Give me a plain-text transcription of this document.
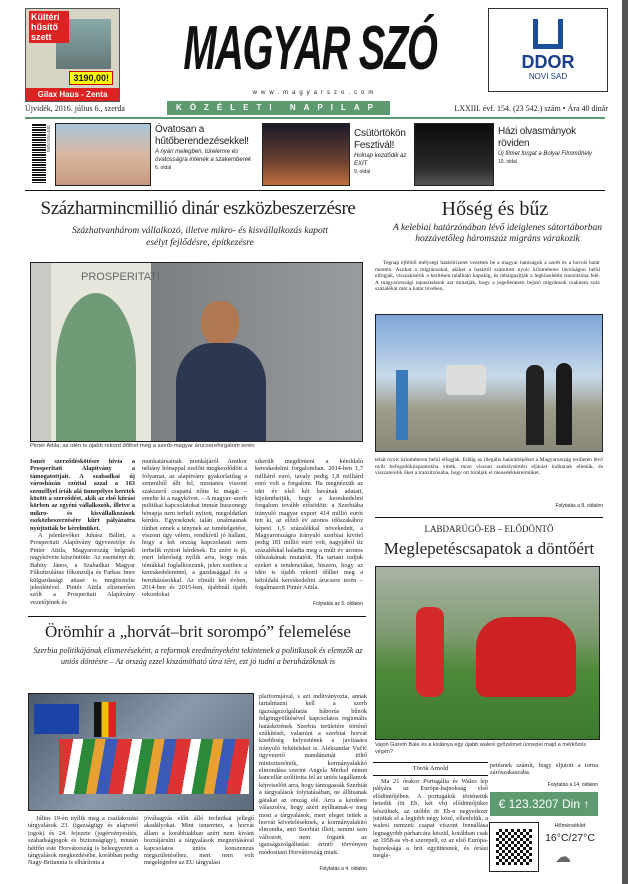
Kültéri hűsítő szett
3190,00!
Gilax Haus - Zenta
MAGYAR SZÓ
www.magyarszo.com
DDOR
NOVI SAD
Újvidék, 2016. július 6., szerda	KÖZÉLETI NAPILAP	LXXIII. évf. 154. (23 542.) szám • Ára 40 dinár
ISSN 0350-4182	Óvatosan a hűtőberendezésekkel!
A nyári melegben, türelemre és óvatosságra intenek a szakemberek
6. oldal
Csütörtökön Fesztivál!
Holnap kezdődik az EXIT
9. oldal
Házi olvasmányok röviden
Új filmet forgat a Bolyai Filmműhely
10. oldal
Százharmincmillió dinár eszközbeszerzésre
Százhatvanhárom vállalkozó, illetve mikro- és kisvállalkozás kapott esélyt fejlődésre, építkezésre
PROSPERITATI
Pintér Attila: az idén is újabb rekord dőlhet meg a szerb-magyar árucsereforgalom terén

Ismét szerződéskötésre hívta a Prosperitati Alapítvány a támogatottjait. A szabadkai új városházán ezúttal azzal a 163 személlyel írták alá ünnepélyes keretek között a szerződést, akik az első kiírási körben az egyéni vállalkozók, illetve a mikro- és kisvállalkozások eszközbeszerzésére kiírt pályázatra nyújtották be kérelmüket.

A jelenlevőket Juhász Bálint, a Prosperitati Alapítvány ügyvezetője és Pintér Attila, Magyarország belgrádi nagykövete köszöntötte. Az eseményt dr. Babity János, a Szabadkai Magyar Főkonzulátus főkonzulja és Farkas Imre külgazdasági attasé is megtisztelte jelenlétével. Pintér Attila elismerően szólt a Prosperitati Alapítvány vezetőjének és

munkatársainak munkájáról. Amikor néhány hónappal ezelőtt megkezdődött a folyamat, az alapítvány gyakorlatilag a semmiből állt fel, mostanra viszont szakszerű csapattá nőtte ki magát – emelte ki a nagykövet. – A magyar–szerb politikai kapcsolatokat immár huszonegy hónapja nem terheli nyitott, megoldatlan kérdés. Egyeseknek talán unalmasnak tűnhet ennek a ténynek az ismételgetése, viszont úgy vélem, rendkívül jó hallani, hogy a két ország kapcsolatait nem terhelik nyitott kérdések. Ez azért is jó, mert lehetőség nyílik arra, hogy más témákkal foglalkozzunk, jelen esetben a kereskedelemmel, a gazdasággal és a beruházásokkal. Az elmúlt két évben, 2014-ben és 2015-ben, újabbnál újabb rekordokat
sikerült megdönteni a kétoldalú kereskedelmi forgalomban. 2014-ben 1,7 milliárd euró, tavaly pedig 1,8 milliárd euró volt a forgalom. Ha megnézzük az idei év első két havának adatait, kijelenthetjük, hogy a kereskedelmi forgalom tovább erősödött: a Szerbiába irányuló magyar export 414 millió eurót tett ki, az előző év azonos időszakához képest 1,5 százalékkal növekedett, a Magyarországra irányuló szerbiai kivitel pedig 181 millió euró volt, nagyjából tíz százalékkal haladta meg a múlt év azonos időszakának mutatóit. Ha tartani tudjuk ezeket a tendenciákat, hiszem, hogy az idén is újabb rekord dőlhet meg a kétoldalú kereskedelmi árucsere terén – fogalmazott Pintér Attila.
Folytatás az 5. oldalon
Hőség és bűz
A kelebiai határzónában lévő ideiglenes sátortáborban hozzávetőleg háromszáz migráns várakozik

Tegnap éjféltől mélységi határőrizetet vezettek be a magyar hatóságok a szerb és a horvát határ mentén. Azokat a migránsokat, akiket a határtól számított nyolc kilométeres távolságon belül elfogják, visszakísérik a kerítésen található kapukig, és útbaigazítják a legközelebbi tranzitzóna felé. A magyarországi tapasztalatok azt mutatják, hogy a jogellenesen bejutó migránsok csaknem száz százalékát már a határ tövében,

tehát nyolc kilométeren belül elfogják. Eddig az illegális határátlépőket a Magyarország területén lévő nyílt befogadóközpontokba vitték, most viszont szabálysértési eljárást indítanak ellenük, és visszaterelik őket a tranzitzónába, hogy ott bírálják el menedékkérelmüket.
Folytatás a 8. oldalon
LABDARÚGÓ-EB – ELŐDÖNTŐ
Meglepetéscsapatok a döntőért
Vajon Gareth Bale és a kislánya egy újabb walesi győzelmet ünnepel majd a mérkőzés végén?
Török Arnold

Ma 21 órakor Portugália és Wales lép pályára az Európa-bajnokság első elődöntőjében. A portugálok történetük hetedik (öt Eb, két vb) elődöntőjükre készülnek, az utóbbi öt Eb-n negyedszer jutottak el a legjobb négy közé, ellenfelük, a walesi nemzeti csapat viszont fennállása legnagyobb párharcára készül, korábban csak az 1958-as vb-n szerepelt, ez az első Európa-bajnoksága a brit együttesnek, és óriási megle-

petésnek számít, hogy eljutott a torna zárószakaszába.
Folytatás a 14. oldalon
€ 123.3207 Din ↑
Hőmérséklet
16°C/27°C
☁
Örömhír a „horvát–brit sorompó” felemelése
Szerbia politikájának elismeréseként, a reformok eredményeként tekintenek a politikusok és elemzők az uniós döntésre – Az ország ezzel kiszámítható útra tért, ezt jó tudni a beruházóknak is

Július 19-én nyílik meg a csatlakozási tárgyalások 23. (igazságügy és alapvető jogok) és 24. fejezete (jogérvényesítés, szabadságjogok és biztonságügy), miután hétfőn este Horvátország is beleegyezett a tárgyalások megkezdésébe, korábban pedig Nagy-Britannia is elhárította a

jóváhagyás előtt álló technikai jellegű akadályokat. Mint ismeretes, a horvát állam a korábbiakban azért nem kívánt hozzájárulni a tárgyalások megnyitásával kapcsolatos uniós konszenzus megszületéséhez, mert nem volt megelégedve az EU tárgyalási
platformjával, s azt indítványozta, annak tartalmazni kell a szerb igazságszolgáltatás háborús bűnök felgöngyölítésével kapcsolatos regionális hatáskörének Szerbia területére történő szűkítését, valamint a szerbiai horvát kisebbség helyzetének a javítására irányuló feltételeket is. Aleksandar Vučić ügyvezető mandátumát töltő miniszterelnök, kormányalakító elmondása szerint Angela Merkel német kancellár szólította fel az uniós tagállamok képviselőit arra, hogy támogassák Szerbiát a tárgyalások folytatásában, ne állítsanak gátakat az ország elé. Arra a kérdésre válaszolva, hogy azért nyílhatnak-e meg most a tárgyalások, mert eleget tettek a horvát követeléseknek, a kormányalakító elmondta, ami Szerbiát illeti, semmi sem változott, nem fogunk az igazságszolgáltatást érintő törvényen módosítani Horvátország miatt.
Folytatás a 4. oldalon
